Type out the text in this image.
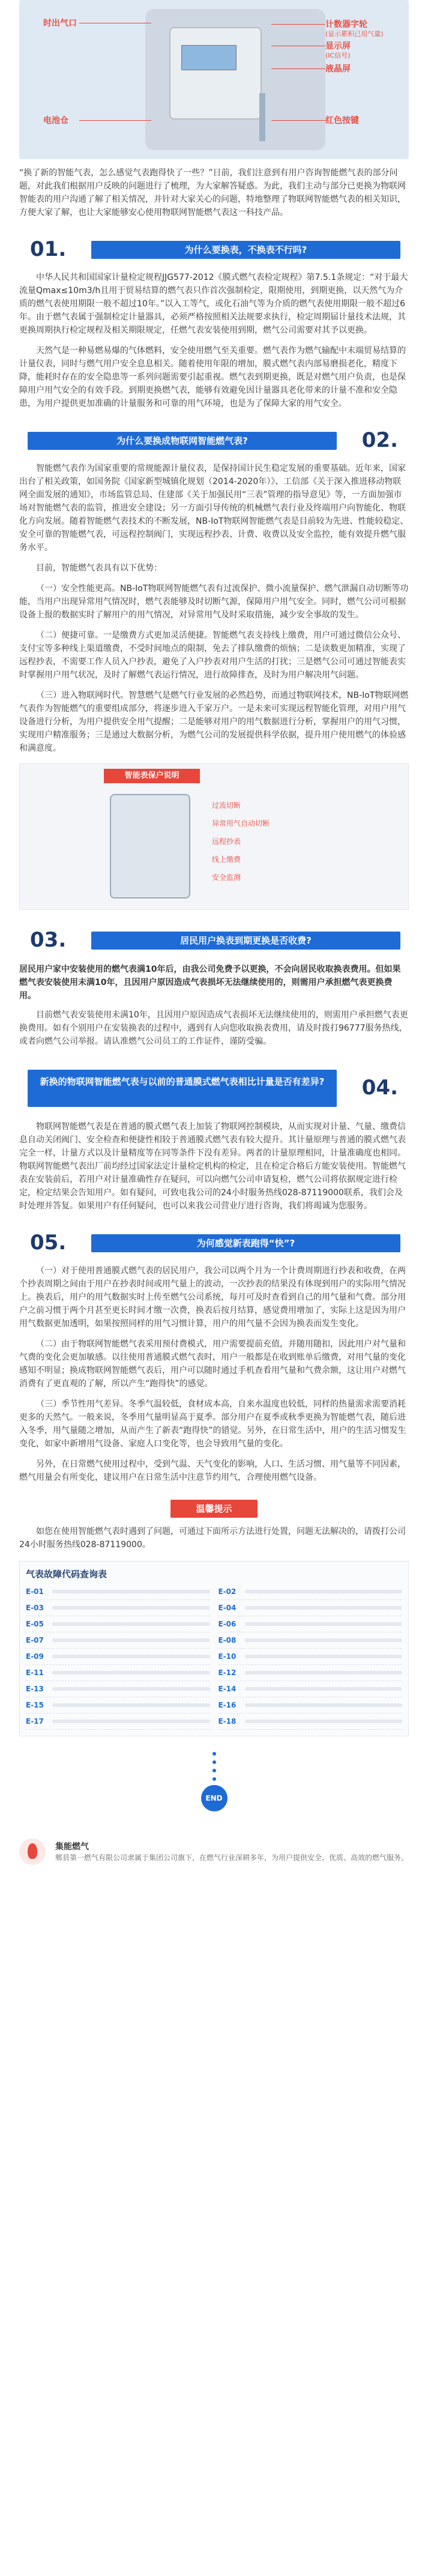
时出气口
电池仓
计数器字轮
(显示累积已用气量)
显示屏
(IC信号)
液晶屏
红色按键
“换了新的智能气表，怎么感觉气表跑得快了一些？”日前，我们注意到有用户咨询智能燃气表的部分问题，对此我们根据用户反映的问题进行了梳理，为大家解答疑惑。为此，我们主动与部分已更换为物联网智能表的用户沟通了解了相关情况，并针对大家关心的问题，特地整理了物联网智能燃气表的相关知识，方便大家了解，也让大家能够安心使用物联网智能燃气表这一科技产品。
01.	为什么要换表，不换表不行吗?

中华人民共和国国家计量检定规程JJG577-2012《膜式燃气表检定规程》第7.5.1条规定：“对于最大流量Qmax≤10m3/h且用于贸易结算的燃气表只作首次强制检定，限期使用，到期更换，以天然气为介质的燃气表使用期限一般不超过10年。”以入工等气，或化石油气等为介质的燃气表使用期限一般不超过6年。由于燃气表属于强制检定计量器具，必须严格按照相关法规要求执行，检定周期届计量技术法规，其更换周期执行检定规程及相关期限规定，任燃气表安装使用到期，燃气公司需要对其予以更换。

天然气是一种易燃易爆的气体燃料，安全使用燃气至关重要。燃气表作为燃气输配中末端贸易结算的计量仪表，同时与燃气用户安全息息相关。随着使用年限的增加，膜式燃气表内部易磨损老化，精度下降，能耗时存在的安全隐患等一系列问题需要引起重视。燃气表到期更换，既是对燃气用户负责，也是保障用户用气安全的有效手段。到期更换燃气表，能够有效避免因计量器具老化带来的计量不准和安全隐患，为用户提供更加准确的计量服务和可靠的用气环境，也是为了保障大家的用气安全。

为什么要换成物联网智能燃气表?	02.

智能燃气表作为国家重要的常规能源计量仪表，是保持国计民生稳定发展的重要基础。近年来，国家出台了相关政策，如国务院《国家新型城镇化规划（2014-2020年）》、工信部《关于深入推进移动物联网全面发展的通知》，市场监管总局、住建部《关于加强民用“三表”管理的指导意见》等，一方面加强市场对智能燃气表的监管，推进安全建设；另一方面引导传统的机械燃气表行业及终端用户向智能化、物联化方向发展。随着智能燃气表技术的不断发展，NB-IoT物联网智能燃气表是目前较为先进、性能较稳定、安全可靠的智能燃气表，可远程控制阀门，实现远程抄表、计费、收费以及安全监控，能有效提升燃气服务水平。

目前，智能燃气表具有以下优势：

（一）安全性能更高。NB-IoT物联网智能燃气表有过流保护、微小流量保护、燃气泄漏自动切断等功能，当用户出现异常用气情况时，燃气表能够及时切断气源，保障用户用气安全。同时，燃气公司可根据设备上报的数据实时了解用户的用气情况，对异常用气及时采取措施，减少安全事故的发生。

（二）便捷可靠。一是缴费方式更加灵活便捷。智能燃气表支持线上缴费，用户可通过微信公众号、支付宝等多种线上渠道缴费，不受时间地点的限制，免去了排队缴费的烦恼；二是读数更加精准，实现了远程抄表，不需要工作人员入户抄表，避免了入户抄表对用户生活的打扰；三是燃气公司可通过智能表实时掌握用户用气状况，及时了解燃气表运行情况，进行故障排查，及时为用户解决用气问题。

（三）进入物联网时代。智慧燃气是燃气行业发展的必然趋势，而通过物联网技术，NB-IoT物联网燃气表作为智能燃气的重要组成部分，将逐步进入千家万户。一是未来可实现远程智能化管理，对用户用气设备进行分析，为用户提供安全用气提醒；二是能够对用户的用气数据进行分析，掌握用户的用气习惯，实现用户精准服务；三是通过大数据分析，为燃气公司的发展提供科学依据，提升用户使用燃气的体验感和满意度。

智能表保户说明
过流切断
异常用气自动切断
远程抄表
线上缴费
安全监测
03.	居民用户换表到期更换是否收费?
居民用户家中安装使用的燃气表满10年后，由我公司免费予以更换，不会向居民收取换表费用。但如果燃气表安装使用未满10年，且因用户原因造成气表损坏无法继续使用的，则需用户承担燃气表更换费用。

目前燃气表安装使用未满10年，且因用户原因造成气表损坏无法继续使用的，则需用户承担燃气表更换费用。如有个别用户在安装换表的过程中，遇到有人向您收取换表费用，请及时拨打96777服务热线，或者向燃气公司举报。请认准燃气公司员工的工作证件，谨防受骗。

新换的物联网智能燃气表与以前的普通膜式燃气表相比计量是否有差异?	04.

物联网智能燃气表是在普通的膜式燃气表上加装了物联网控制模块，从而实现对计量、气量、缴费信息自动关闭阀门、安全检查和便捷性相较于普通膜式燃气表有较大提升。其计量原理与普通的膜式燃气表完全一样，计量方式以及计量精度等在同等条件下没有差异。两者的计量原理相同，计量准确度也相同。物联网智能燃气表出厂前均经过国家法定计量检定机构的检定，且在检定合格后方能安装使用。智能燃气表在安装前后，若用户对计量准确性存在疑问，可以向燃气公司申请复检，燃气公司将依据规定进行检定，检定结果会告知用户。如有疑问，可致电我公司的24小时服务热线028-87119000联系，我们会及时处理并答复。如果用户有任何疑问，也可以来我公司营业厅进行咨询，我们将竭诚为您服务。

05.	为何感觉新表跑得“快”?

（一）对于使用普通膜式燃气表的居民用户，我公司以两个月为一个计费周期进行抄表和收费，在两个抄表周期之间由于用户在抄表时间或用气量上的波动，一次抄表的结果没有体现到用户的实际用气情况上。换表后，用户的用气数据实时上传至燃气公司系统，每月可及时查看到自己的用气量和气费。部分用户之前习惯于两个月甚至更长时间才缴一次费，换表后按月结算，感觉费用增加了，实际上这是因为用户用气数据更加透明，如果按照同样的用气习惯计算，用户的用气量不会因为换表而发生变化。

（二）由于物联网智能燃气表采用预付费模式，用户需要提前充值，并随用随扣，因此用户对气量和气费的变化会更加敏感。以往使用普通膜式燃气表时，用户一般都是在收到账单后缴费，对用气量的变化感知不明显；换成物联网智能燃气表后，用户可以随时通过手机查看用气量和气费余额，这让用户对燃气消费有了更直观的了解，所以产生“跑得快”的感觉。

（三）季节性用气差异。冬季气温较低，食材成本高，自来水温度也较低，同样的热量需求需要消耗更多的天然气。一般来说，冬季用气量明显高于夏季。部分用户在夏季或秋季更换为智能燃气表，随后进入冬季，用气量随之增加，从而产生了新表“跑得快”的错觉。另外，在日常生活中，用户的生活习惯发生变化，如家中新增用气设备、家庭人口变化等，也会导致用气量的变化。

另外，在日常燃气使用过程中，受到气温、天气变化的影响，人口、生活习惯、用气量等不同因素，燃气用量会有所变化，建议用户在日常生活中注意节约用气，合理使用燃气设备。

温馨提示
如您在使用智能燃气表时遇到了问题，可通过下面所示方法进行处置，问题无法解决的，请拨打公司24小时服务热线028-87119000。
气表故障代码查询表
E-01	E-02
E-03	E-04
E-05	E-06
E-07	E-08
E-09	E-10
E-11	E-12
E-13	E-14
E-15	E-16
E-17	E-18
END
集能燃气
郫县第一燃气有限公司隶属于集团公司旗下，在燃气行业深耕多年，为用户提供安全、优质、高效的燃气服务。
